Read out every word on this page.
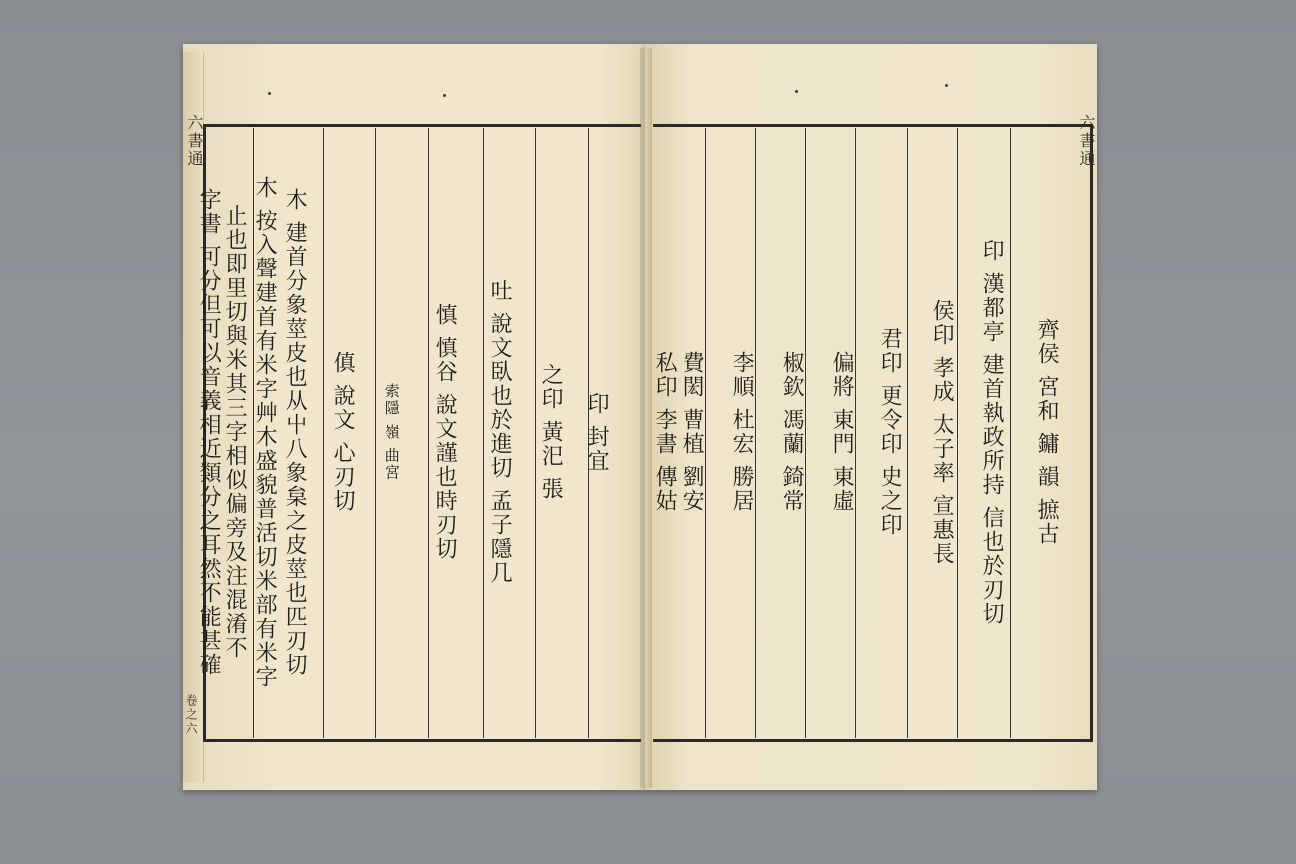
六書通
卷之六
印 封宜
之印 黃汜 張
吐 說文臥也於進切 孟子隱几
慎 慎谷 說文謹也時刃切
索隱 嶺 曲宮
傎 說文 心刃切
木 建首分象莖皮也从屮八象枲之皮莖也匹刃切
木 按入聲建首有米字艸木盛貌普活切米部有米字
止也即里切與米其三字相似偏旁及注混淆不
字書 可分但可以音義相近類分之耳然不能甚確
六書通
齊侯 宮和 鏞 韻 摭古
印 漢都亭 建首執政所持 信也於刃切
侯印 孝成 太子率 宣惠長
君印 更令印 史之印
偏將 東門 東虛
椒欽 馮蘭 錡常
李順 杜宏 勝居
費閎 曹植 劉安
私印 李書 傳姑
